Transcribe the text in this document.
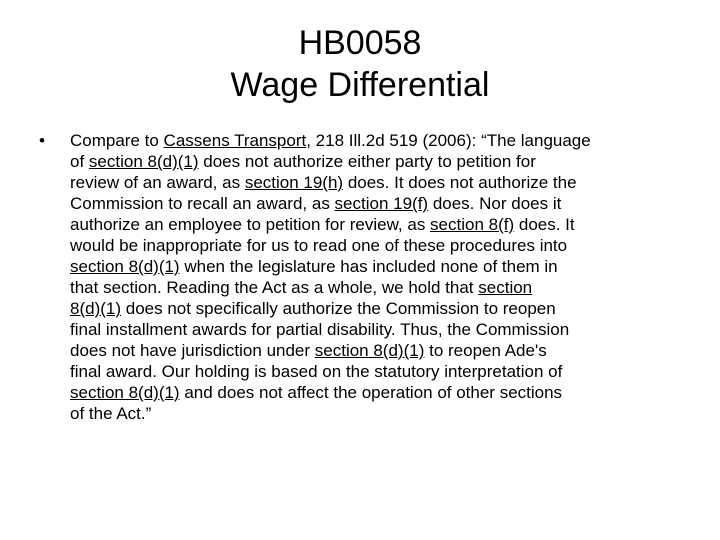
HB0058
Wage Differential
• Compare to Cassens Transport, 218 Ill.2d 519 (2006): “The language
of section 8(d)(1) does not authorize either party to petition for
review of an award, as section 19(h) does. It does not authorize the
Commission to recall an award, as section 19(f) does. Nor does it
authorize an employee to petition for review, as section 8(f) does. It
would be inappropriate for us to read one of these procedures into
section 8(d)(1) when the legislature has included none of them in
that section. Reading the Act as a whole, we hold that section
8(d)(1) does not specifically authorize the Commission to reopen
final installment awards for partial disability. Thus, the Commission
does not have jurisdiction under section 8(d)(1) to reopen Ade's
final award. Our holding is based on the statutory interpretation of
section 8(d)(1) and does not affect the operation of other sections
of the Act.”
